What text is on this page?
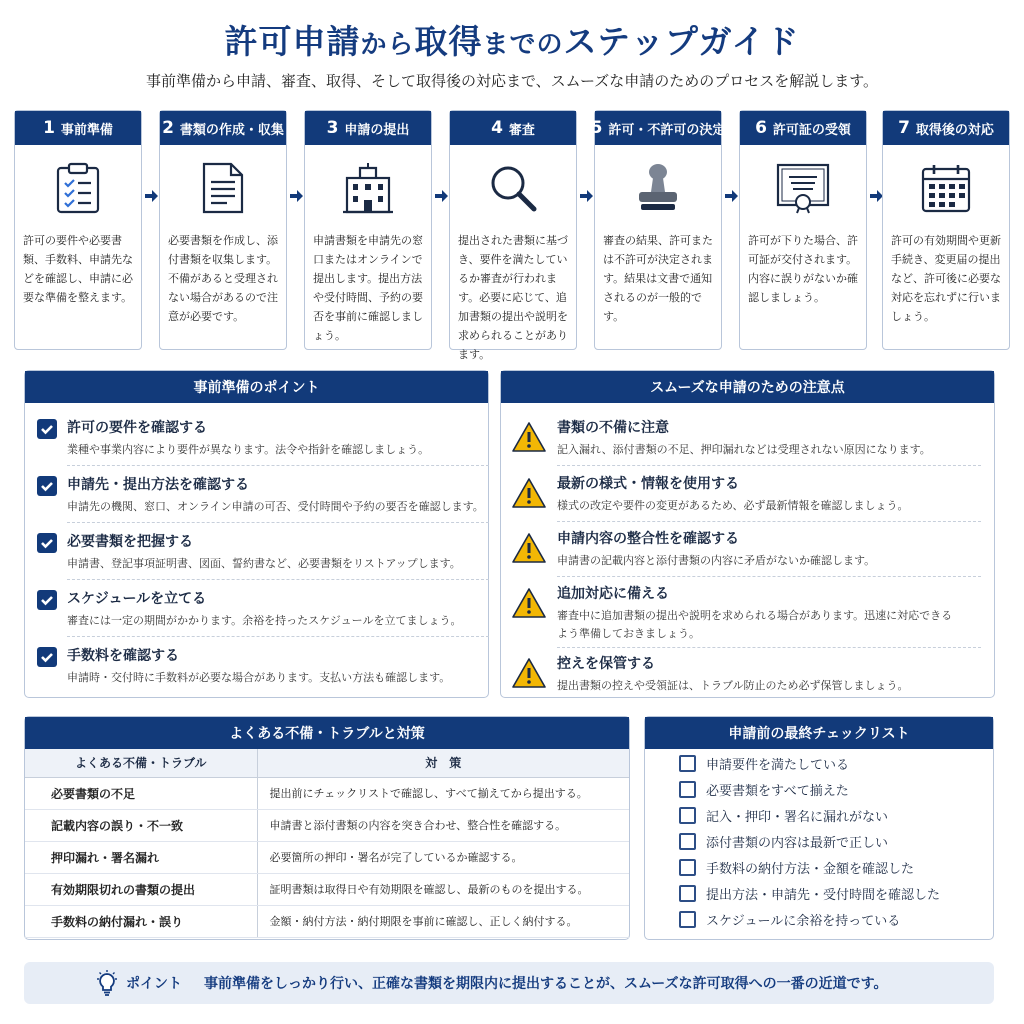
許可申請から取得までのステップガイド
事前準備から申請、審査、取得、そして取得後の対応まで、スムーズな申請のためのプロセスを解説します。
1 事前準備
許可の要件や必要書類、手数料、申請先などを確認し、申請に必要な準備を整えます。
2 書類の作成・収集
必要書類を作成し、添付書類を収集します。不備があると受理されない場合があるので注意が必要です。
3 申請の提出
申請書類を申請先の窓口またはオンラインで提出します。提出方法や受付時間、予約の要否を事前に確認しましょう。
4 審査
提出された書類に基づき、要件を満たしているか審査が行われます。必要に応じて、追加書類の提出や説明を求められることがあります。
5 許可・不許可の決定
審査の結果、許可または不許可が決定されます。結果は文書で通知されるのが一般的です。
6 許可証の受領
許可が下りた場合、許可証が交付されます。内容に誤りがないか確認しましょう。
7 取得後の対応
許可の有効期間や更新手続き、変更届の提出など、許可後に必要な対応を忘れずに行いましょう。
事前準備のポイント
許可の要件を確認する
業種や事業内容により要件が異なります。法令や指針を確認しましょう。
申請先・提出方法を確認する
申請先の機関、窓口、オンライン申請の可否、受付時間や予約の要否を確認します。
必要書類を把握する
申請書、登記事項証明書、図面、誓約書など、必要書類をリストアップします。
スケジュールを立てる
審査には一定の期間がかかります。余裕を持ったスケジュールを立てましょう。
手数料を確認する
申請時・交付時に手数料が必要な場合があります。支払い方法も確認します。
スムーズな申請のための注意点
書類の不備に注意
記入漏れ、添付書類の不足、押印漏れなどは受理されない原因になります。
最新の様式・情報を使用する
様式の改定や要件の変更があるため、必ず最新情報を確認しましょう。
申請内容の整合性を確認する
申請書の記載内容と添付書類の内容に矛盾がないか確認します。
追加対応に備える
審査中に追加書類の提出や説明を求められる場合があります。迅速に対応できる
よう準備しておきましょう。
控えを保管する
提出書類の控えや受領証は、トラブル防止のため必ず保管しましょう。
よくある不備・トラブルと対策
よくある不備・トラブル	対　策
必要書類の不足	提出前にチェックリストで確認し、すべて揃えてから提出する。
記載内容の誤り・不一致	申請書と添付書類の内容を突き合わせ、整合性を確認する。
押印漏れ・署名漏れ	必要箇所の押印・署名が完了しているか確認する。
有効期限切れの書類の提出	証明書類は取得日や有効期限を確認し、最新のものを提出する。
手数料の納付漏れ・誤り	金額・納付方法・納付期限を事前に確認し、正しく納付する。
申請前の最終チェックリスト
申請要件を満たしている
必要書類をすべて揃えた
記入・押印・署名に漏れがない
添付書類の内容は最新で正しい
手数料の納付方法・金額を確認した
提出方法・申請先・受付時間を確認した
スケジュールに余裕を持っている
ポイント 事前準備をしっかり行い、正確な書類を期限内に提出することが、スムーズな許可取得への一番の近道です。
